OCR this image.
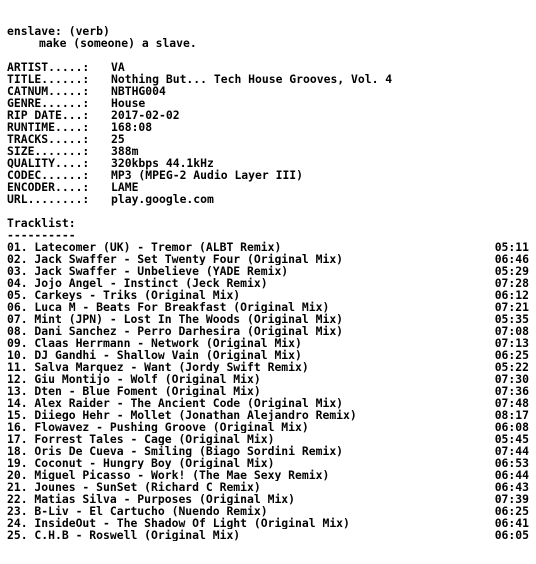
enslave: (verb)
make (someone) a slave.
ARTIST.....:	VA
TITLE......:	Nothing But... Tech House Grooves, Vol. 4
CATNUM.....:	NBTHG004
GENRE......:	House
RIP DATE...:	2017-02-02
RUNTIME....:	168:08
TRACKS.....:	25
SIZE.......:	388m
QUALITY....:	320kbps 44.1kHz
CODEC......:	MP3 (MPEG-2 Audio Layer III)
ENCODER....:	LAME
URL........:	play.google.com
Tracklist:
----------
01. Latecomer (UK) - Tremor (ALBT Remix)	05:11
02. Jack Swaffer - Set Twenty Four (Original Mix)	06:46
03. Jack Swaffer - Unbelieve (YADE Remix)	05:29
04. Jojo Angel - Instinct (Jeck Remix)	07:28
05. Carkeys - Triks (Original Mix)	06:12
06. Luca M - Beats For Breakfast (Original Mix)	07:21
07. Mint (JPN) - Lost In The Woods (Original Mix)	05:35
08. Dani Sanchez - Perro Darhesira (Original Mix)	07:08
09. Claas Herrmann - Network (Original Mix)	07:13
10. DJ Gandhi - Shallow Vain (Original Mix)	06:25
11. Salva Marquez - Want (Jordy Swift Remix)	05:22
12. Giu Montijo - Wolf (Original Mix)	07:30
13. Dten - Blue Foment (Original Mix)	07:36
14. Alex Raider - The Ancient Code (Original Mix)	07:48
15. Diiego Hehr - Mollet (Jonathan Alejandro Remix)	08:17
16. Flowavez - Pushing Groove (Original Mix)	06:08
17. Forrest Tales - Cage (Original Mix)	05:45
18. Oris De Cueva - Smiling (Biago Sordini Remix)	07:44
19. Coconut - Hungry Boy (Original Mix)	06:53
20. Miguel Picasso - Work! (The Mae Sexy Remix)	06:44
21. Jounes - SunSet (Richard C Remix)	06:43
22. Matias Silva - Purposes (Original Mix)	07:39
23. B-Liv - El Cartucho (Nuendo Remix)	06:25
24. InsideOut - The Shadow Of Light (Original Mix)	06:41
25. C.H.B - Roswell (Original Mix)	06:05
